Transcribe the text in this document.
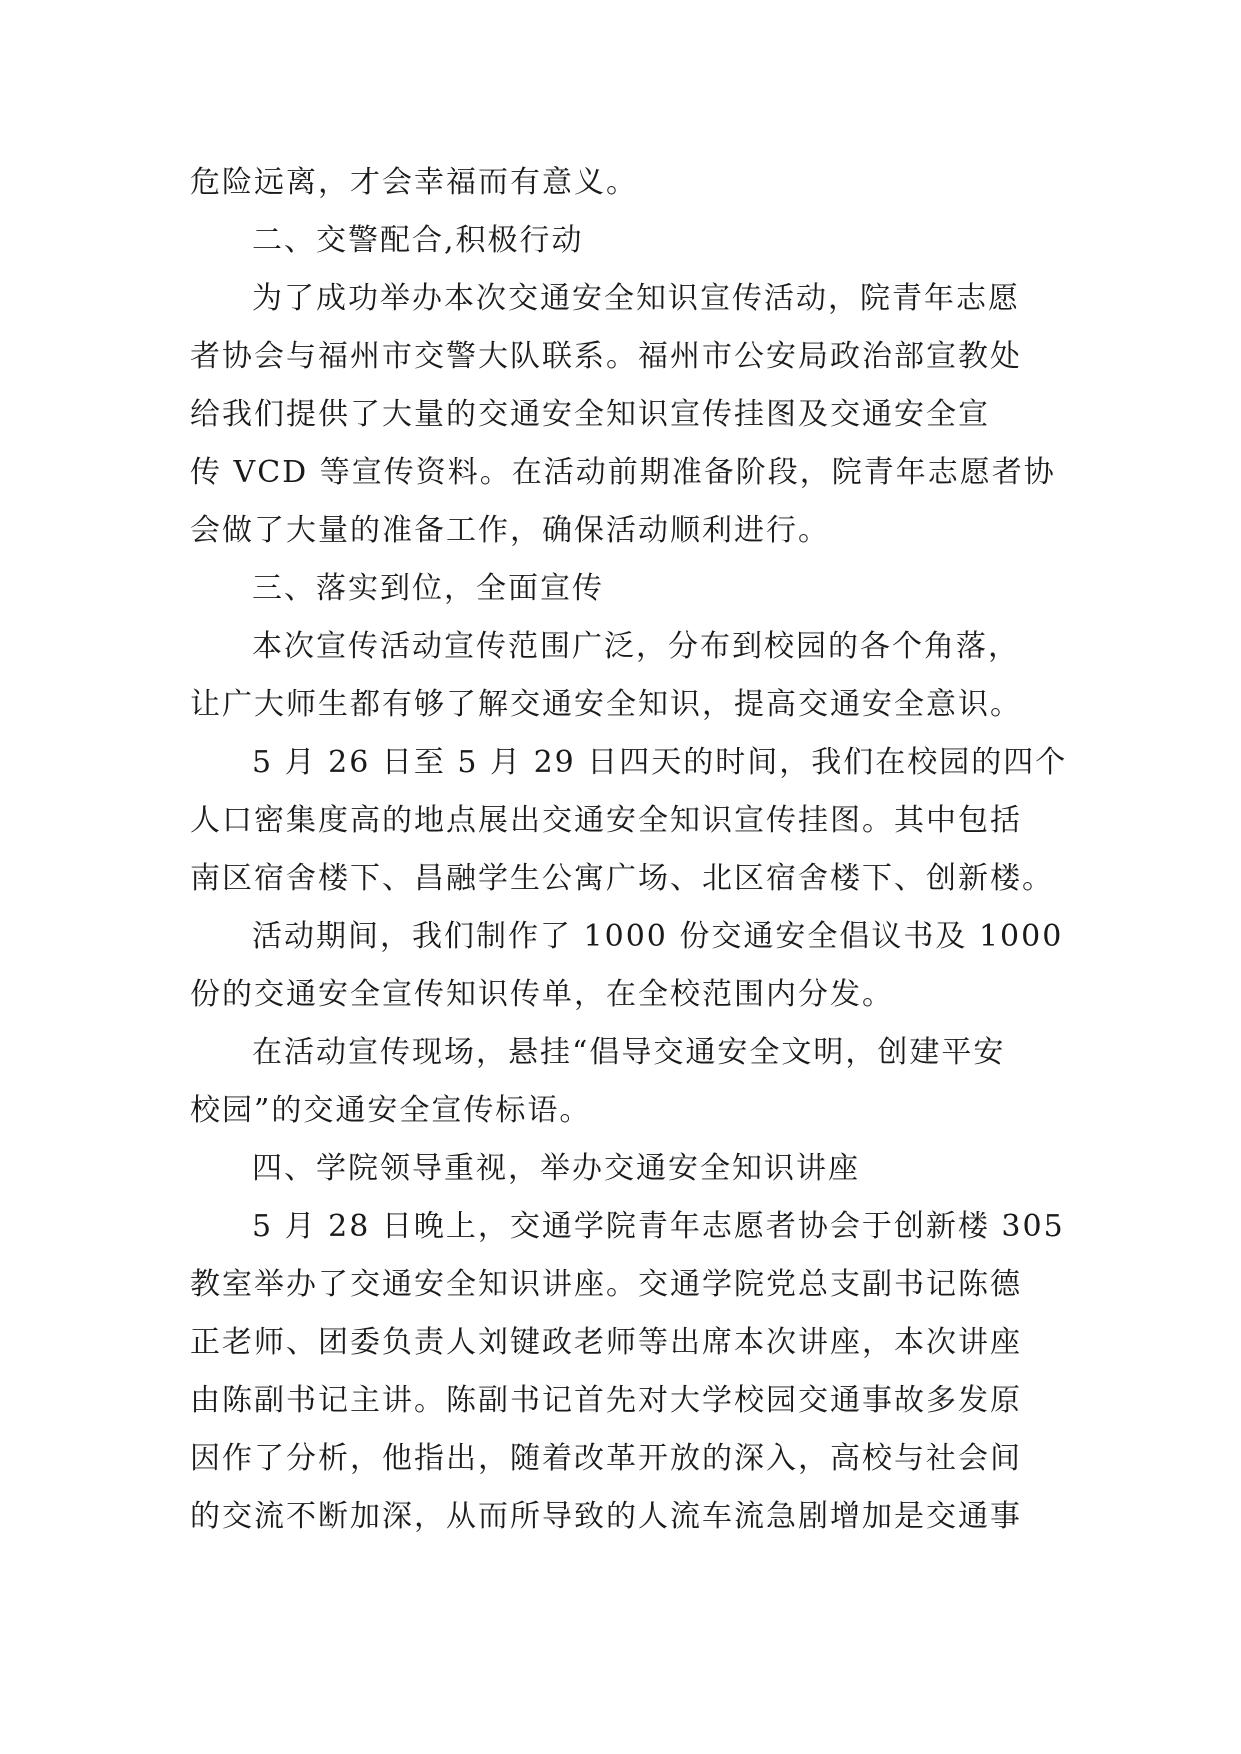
危险远离，才会幸福而有意义。
二、交警配合,积极行动
为了成功举办本次交通安全知识宣传活动，院青年志愿
者协会与福州市交警大队联系。福州市公安局政治部宣教处
给我们提供了大量的交通安全知识宣传挂图及交通安全宣
传 VCD 等宣传资料。在活动前期准备阶段，院青年志愿者协
会做了大量的准备工作，确保活动顺利进行。
三、落实到位，全面宣传
本次宣传活动宣传范围广泛，分布到校园的各个角落，
让广大师生都有够了解交通安全知识，提高交通安全意识。
5 月 26 日至 5 月 29 日四天的时间，我们在校园的四个
人口密集度高的地点展出交通安全知识宣传挂图。其中包括
南区宿舍楼下、昌融学生公寓广场、北区宿舍楼下、创新楼。
活动期间，我们制作了 1000 份交通安全倡议书及 1000
份的交通安全宣传知识传单，在全校范围内分发。
在活动宣传现场，悬挂“倡导交通安全文明，创建平安
校园”的交通安全宣传标语。
四、学院领导重视，举办交通安全知识讲座
5 月 28 日晚上，交通学院青年志愿者协会于创新楼 305
教室举办了交通安全知识讲座。交通学院党总支副书记陈德
正老师、团委负责人刘键政老师等出席本次讲座，本次讲座
由陈副书记主讲。陈副书记首先对大学校园交通事故多发原
因作了分析，他指出，随着改革开放的深入，高校与社会间
的交流不断加深，从而所导致的人流车流急剧增加是交通事
